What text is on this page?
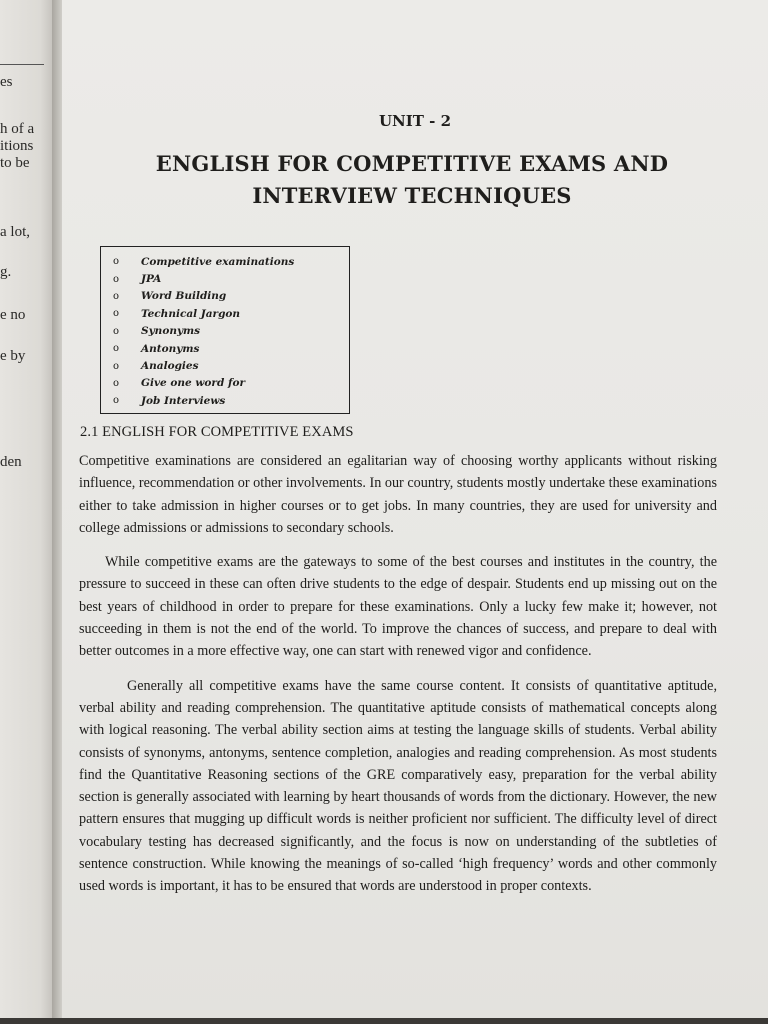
es
h of a
itions
to be
a lot,
g.
e no
e by
den
UNIT - 2
ENGLISH FOR COMPETITIVE EXAMS AND
INTERVIEW TECHNIQUES
o	Competitive examinations
o	JPA
o	Word Building
o	Technical Jargon
o	Synonyms
o	Antonyms
o	Analogies
o	Give one word for
o	Job Interviews
2.1 ENGLISH FOR COMPETITIVE EXAMS

Competitive examinations are considered an egalitarian way of choosing worthy applicants without risking influence, recommendation or other involvements. In our country, students mostly undertake these examinations either to take admission in higher courses or to get jobs. In many countries, they are used for university and college admissions or admissions to secondary schools.

While competitive exams are the gateways to some of the best courses and institutes in the country, the pressure to succeed in these can often drive students to the edge of despair. Students end up missing out on the best years of childhood in order to prepare for these examinations. Only a lucky few make it; however, not succeeding in them is not the end of the world. To improve the chances of success, and prepare to deal with better outcomes in a more effective way, one can start with renewed vigor and confidence.

Generally all competitive exams have the same course content. It consists of quantitative aptitude, verbal ability and reading comprehension. The quantitative aptitude consists of mathematical concepts along with logical reasoning. The verbal ability section aims at testing the language skills of students. Verbal ability consists of synonyms, antonyms, sentence completion, analogies and reading comprehension. As most students find the Quantitative Reasoning sections of the GRE comparatively easy, preparation for the verbal ability section is generally associated with learning by heart thousands of words from the dictionary. However, the new pattern ensures that mugging up difficult words is neither proficient nor sufficient. The difficulty level of direct vocabulary testing has decreased significantly, and the focus is now on understanding of the subtleties of sentence construction. While knowing the meanings of so-called ‘high frequency’ words and other commonly used words is important, it has to be ensured that words are understood in proper contexts.
